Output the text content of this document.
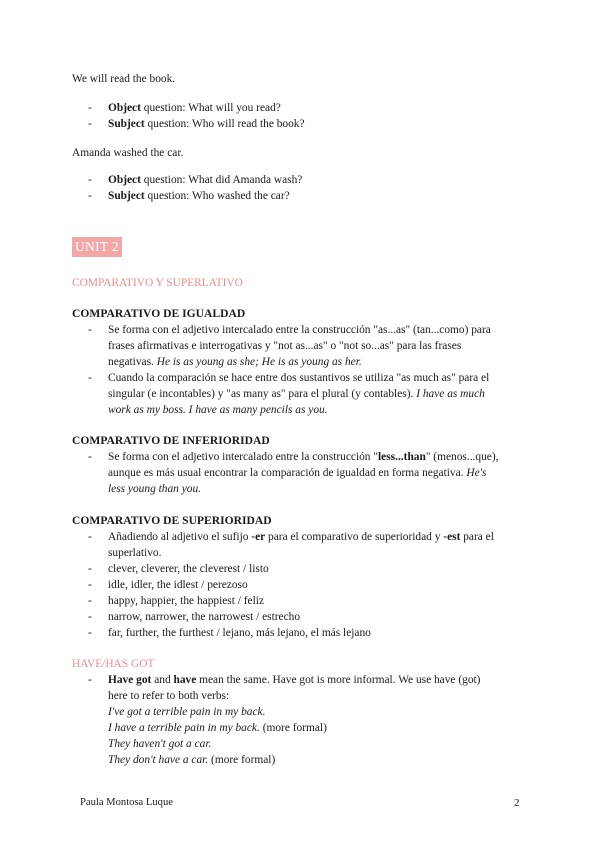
We will read the book.

- Object question: What will you read?
- Subject question: Who will read the book?

Amanda washed the car.

- Object question: What did Amanda wash?
- Subject question: Who washed the car?
UNIT 2
COMPARATIVO Y SUPERLATIVO

COMPARATIVO DE IGUALDAD

- Se forma con el adjetivo intercalado entre la construcción "as...as" (tan...como) para
frases afirmativas e interrogativas y "not as...as" o "not so...as" para las frases
negativas. He is as young as she; He is as young as her.
- Cuando la comparación se hace entre dos sustantivos se utiliza "as much as" para el
singular (e incontables) y "as many as" para el plural (y contables). I have as much
work as my boss. I have as many pencils as you.

COMPARATIVO DE INFERIORIDAD

- Se forma con el adjetivo intercalado entre la construcción "less...than" (menos...que),
aunque es más usual encontrar la comparación de igualdad en forma negativa. He's
less young than you.

COMPARATIVO DE SUPERIORIDAD

- Añadiendo al adjetivo el sufijo -er para el comparativo de superioridad y -est para el
superlativo.
- clever, cleverer, the cleverest / listo
- idle, idler, the idlest / perezoso
- happy, happier, the happiest / feliz
- narrow, narrower, the narrowest / estrecho
- far, further, the furthest / lejano, más lejano, el más lejano
HAVE/HAS GOT
- Have got and have mean the same. Have got is more informal. We use have (got)
here to refer to both verbs:
I've got a terrible pain in my back.
I have a terrible pain in my back. (more formal)
They haven't got a car.
They don't have a car. (more formal)
Paula Montosa Luque	2
